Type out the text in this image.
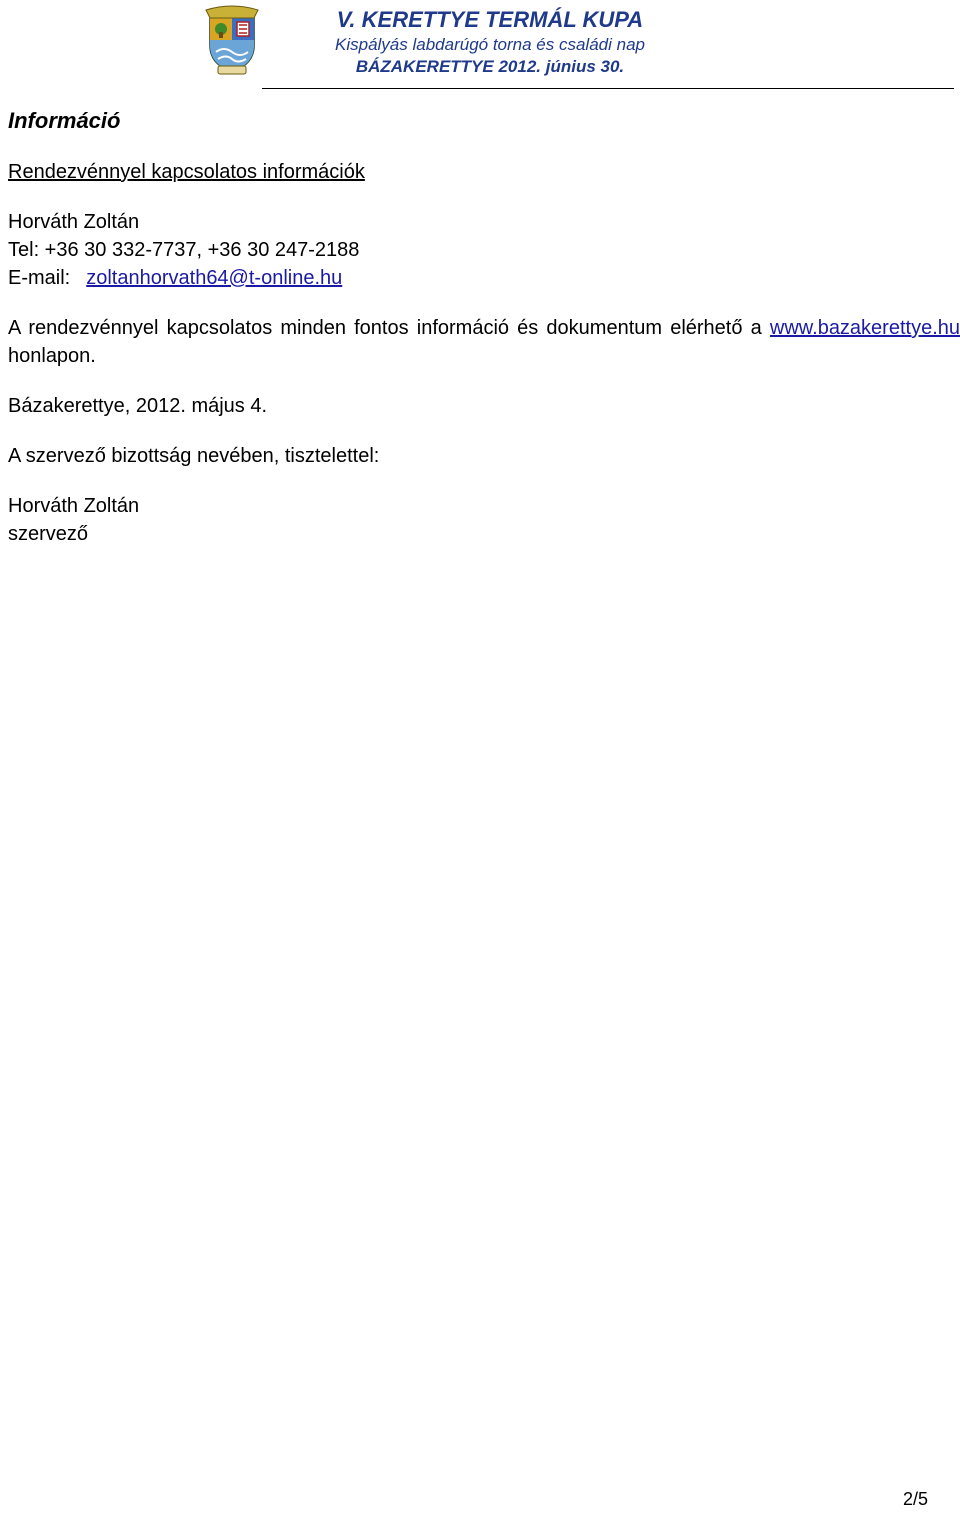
V. KERETTYE TERMÁL KUPA
Kispályás labdarúgó torna és családi nap
BÁZAKERETTYE 2012. június 30.

Információ

Rendezvénnyel kapcsolatos információk

Horváth Zoltán
Tel: +36 30 332-7737, +36 30 247-2188
E-mail: zoltanhorvath64@t-online.hu

A rendezvénnyel kapcsolatos minden fontos információ és dokumentum elérhető a www.bazakerettye.hu honlapon.

Bázakerettye, 2012. május 4.

A szervező bizottság nevében, tisztelettel:

Horváth Zoltán
szervező
2/5
